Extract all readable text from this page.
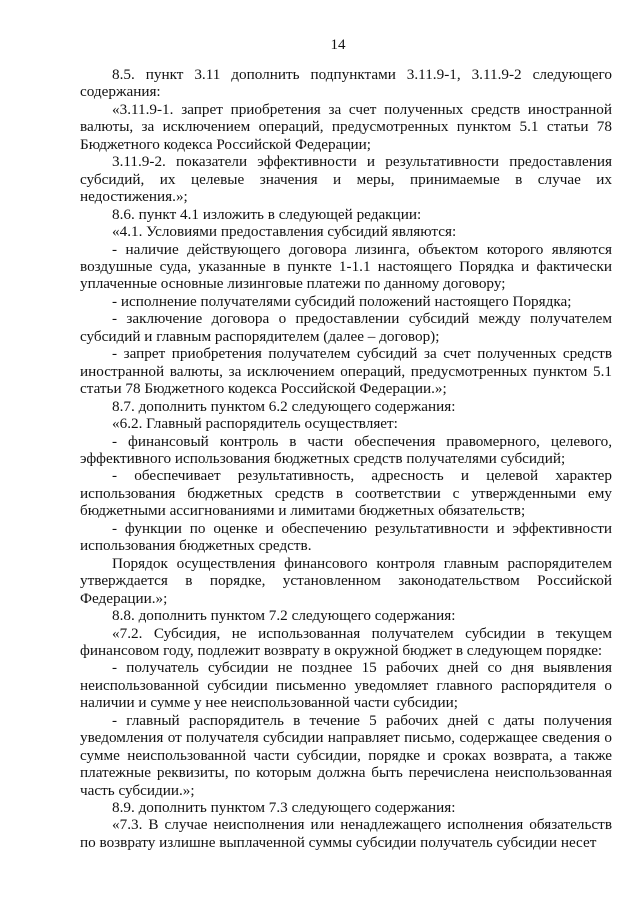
14

8.5. пункт 3.11 дополнить подпунктами 3.11.9-1, 3.11.9-2 следующего содержания:

«3.11.9-1. запрет приобретения за счет полученных средств иностранной валюты, за исключением операций, предусмотренных пунктом 5.1 статьи 78 Бюджетного кодекса Российской Федерации;

3.11.9-2. показатели эффективности и результативности предоставления субсидий, их целевые значения и меры, принимаемые в случае их недостижения.»;

8.6. пункт 4.1 изложить в следующей редакции:

«4.1. Условиями предоставления субсидий являются:

- наличие действующего договора лизинга, объектом которого являются воздушные суда, указанные в пункте 1-1.1 настоящего Порядка и фактически уплаченные основные лизинговые платежи по данному договору;

- исполнение получателями субсидий положений настоящего Порядка;

- заключение договора о предоставлении субсидий между получателем субсидий и главным распорядителем (далее – договор);

- запрет приобретения получателем субсидий за счет полученных средств иностранной валюты, за исключением операций, предусмотренных пунктом 5.1 статьи 78 Бюджетного кодекса Российской Федерации.»;

8.7. дополнить пунктом 6.2 следующего содержания:

«6.2. Главный распорядитель осуществляет:

- финансовый контроль в части обеспечения правомерного, целевого, эффективного использования бюджетных средств получателями субсидий;

- обеспечивает результативность, адресность и целевой характер использования бюджетных средств в соответствии с утвержденными ему бюджетными ассигнованиями и лимитами бюджетных обязательств;

- функции по оценке и обеспечению результативности и эффективности использования бюджетных средств.

Порядок осуществления финансового контроля главным распорядителем утверждается в порядке, установленном законодательством Российской Федерации.»;

8.8. дополнить пунктом 7.2 следующего содержания:

«7.2. Субсидия, не использованная получателем субсидии в текущем финансовом году, подлежит возврату в окружной бюджет в следующем порядке:

- получатель субсидии не позднее 15 рабочих дней со дня выявления неиспользованной субсидии письменно уведомляет главного распорядителя о наличии и сумме у нее неиспользованной части субсидии;

- главный распорядитель в течение 5 рабочих дней с даты получения уведомления от получателя субсидии направляет письмо, содержащее сведения о сумме неиспользованной части субсидии, порядке и сроках возврата, а также платежные реквизиты, по которым должна быть перечислена неиспользованная часть субсидии.»;

8.9. дополнить пунктом 7.3 следующего содержания:

«7.3. В случае неисполнения или ненадлежащего исполнения обязательств по возврату излишне выплаченной суммы субсидии получатель субсидии несет
